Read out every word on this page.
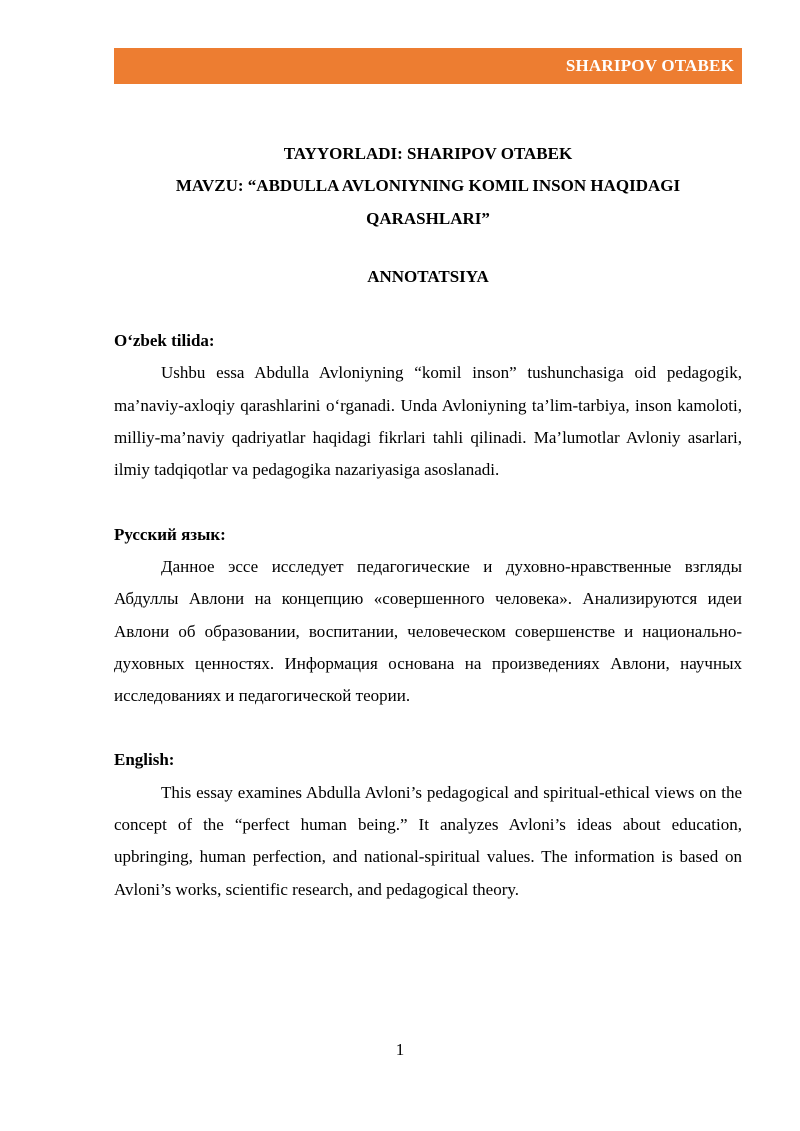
SHARIPOV OTABEK
TAYYORLADI: SHARIPOV OTABEK
MAVZU: “ABDULLA AVLONIYNING KOMIL INSON HAQIDAGI
QARASHLARI”
ANNOTATSIYA
O‘zbek tilida:

Ushbu essa Abdulla Avloniyning “komil inson” tushunchasiga oid pedagogik, ma’naviy-axloqiy qarashlarini o‘rganadi. Unda Avloniyning ta’lim-tarbiya, inson kamoloti, milliy-ma’naviy qadriyatlar haqidagi fikrlari tahli qilinadi. Ma’lumotlar Avloniy asarlari, ilmiy tadqiqotlar va pedagogika nazariyasiga asoslanadi.

Русский язык:

Данное эссе исследует педагогические и духовно-нравственные взгляды Абдуллы Авлони на концепцию «совершенного человека». Анализируются идеи Авлони об образовании, воспитании, человеческом совершенстве и национально-духовных ценностях. Информация основана на произведениях Авлони, научных исследованиях и педагогической теории.

English:

This essay examines Abdulla Avloni’s pedagogical and spiritual-ethical views on the concept of the “perfect human being.” It analyzes Avloni’s ideas about education, upbringing, human perfection, and national-spiritual values. The information is based on Avloni’s works, scientific research, and pedagogical theory.

1
